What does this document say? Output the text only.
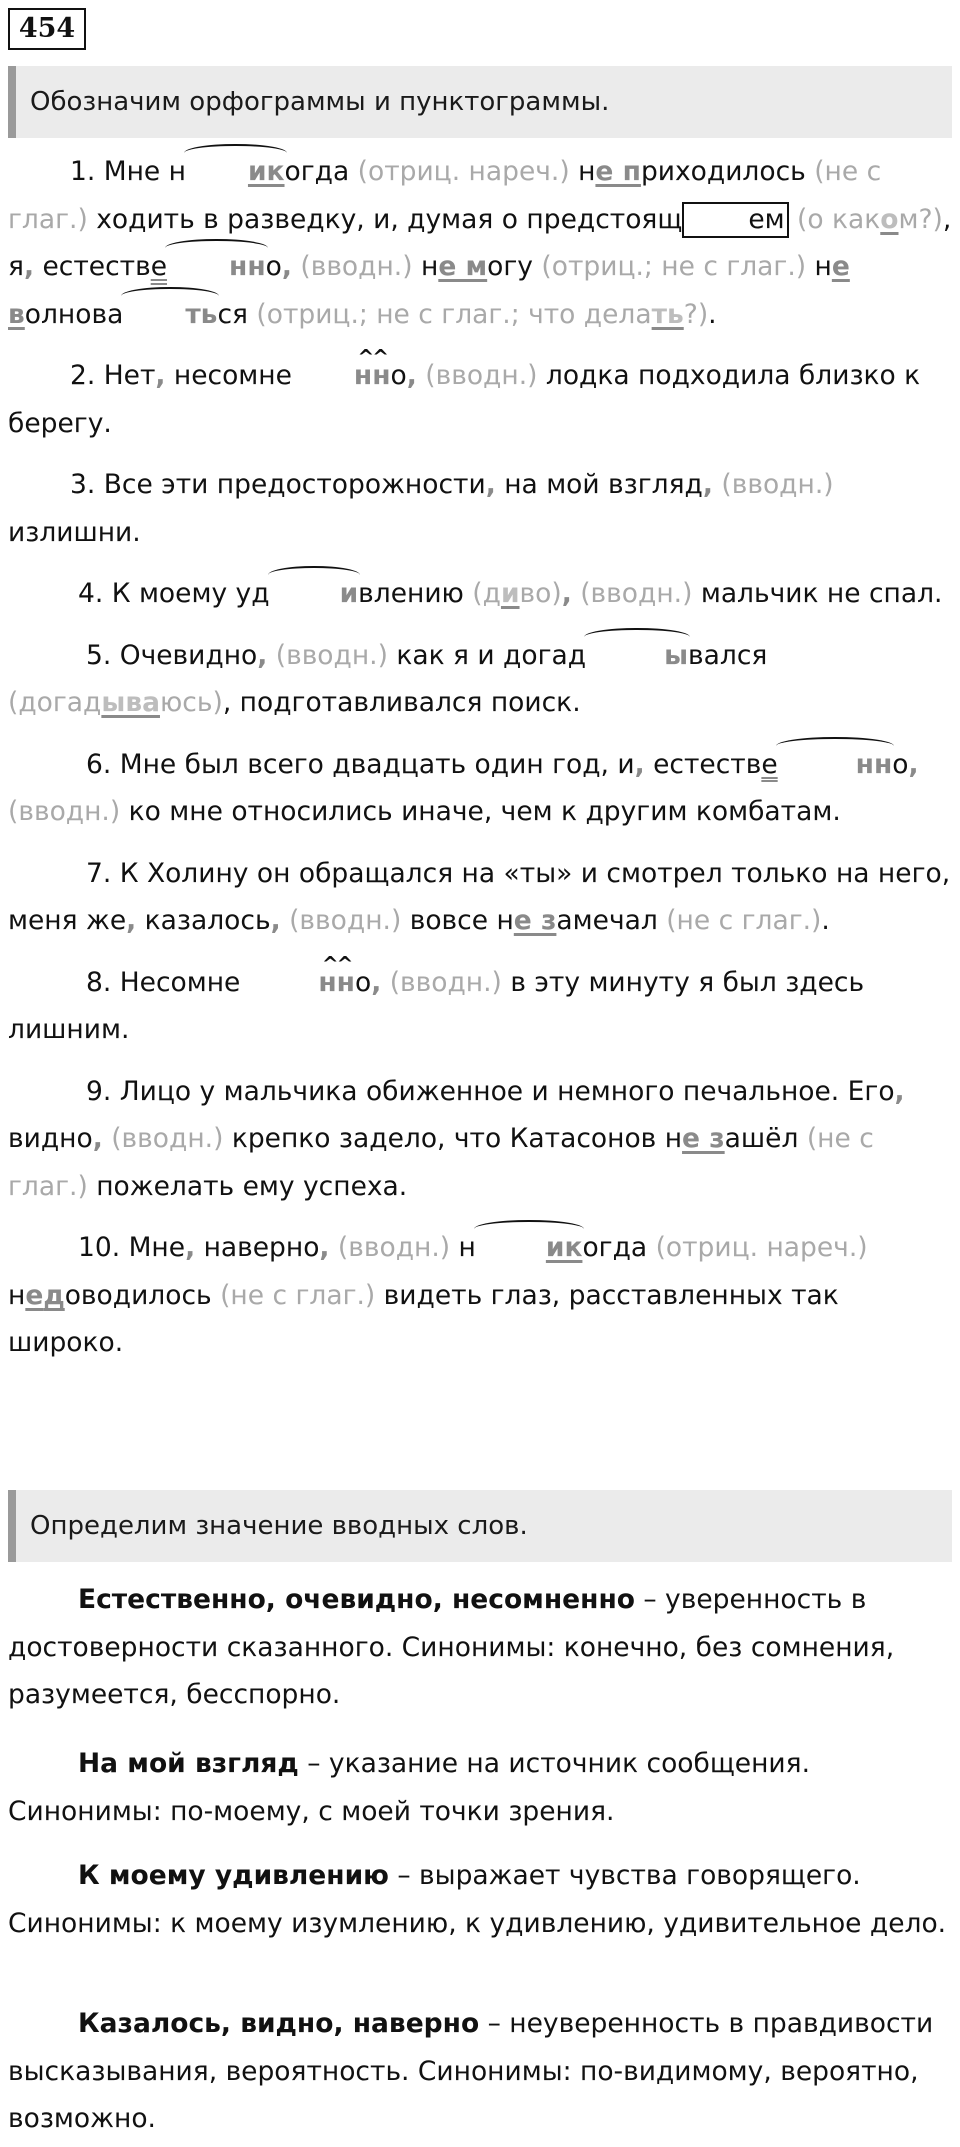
454
Обозначим орфограммы и пунктограммы.

1. Мне н икогда (отриц. нареч.) не приходилось (не с глаг.) ходить в разведку, и, думая о предстоящ ем (о каком?), я, естестве нно, (вводн.) не могу (отриц.; не с глаг.) не волнова ться (отриц.; не с глаг.; что делать?).

2. Нет, несомне ^^ нно, (вводн.) лодка подходила близко к берегу.

3. Все эти предосторожности, на мой взгляд, (вводн.) излишни.

4. К моему уд	ивлению (диво), (вводн.) мальчик не спал.

5. Очевидно, (вводн.) как я и догад	ывался (догадываюсь), подготавливался поиск.

6. Мне был всего двадцать один год, и, естестве	нно, (вводн.) ко мне относились иначе, чем к другим комбатам.

7. К Холину он обращался на «ты» и смотрел только на него, меня же, казалось, (вводн.) вовсе не замечал (не с глаг.).

8. Несомне	^^ нно, (вводн.) в эту минуту я был здесь лишним.

9. Лицо у мальчика обиженное и немного печальное. Его, видно, (вводн.) крепко задело, что Катасонов не зашёл (не с глаг.) пожелать ему успеха.

10. Мне, наверно, (вводн.) н	икогда (отриц. нареч.) недоводилось (не с глаг.) видеть глаз, расставленных так широко.

Определим значение вводных слов.

Естественно, очевидно, несомненно – уверенность в достоверности сказанного. Синонимы: конечно, без сомнения, разумеется, бесспорно.

На мой взгляд – указание на источник сообщения. Синонимы: по-моему, с моей точки зрения.

К моему удивлению – выражает чувства говорящего. Синонимы: к моему изумлению, к удивлению, удивительное дело.

Казалось, видно, наверно – неуверенность в правдивости высказывания, вероятность. Синонимы: по-видимому, вероятно, возможно.
